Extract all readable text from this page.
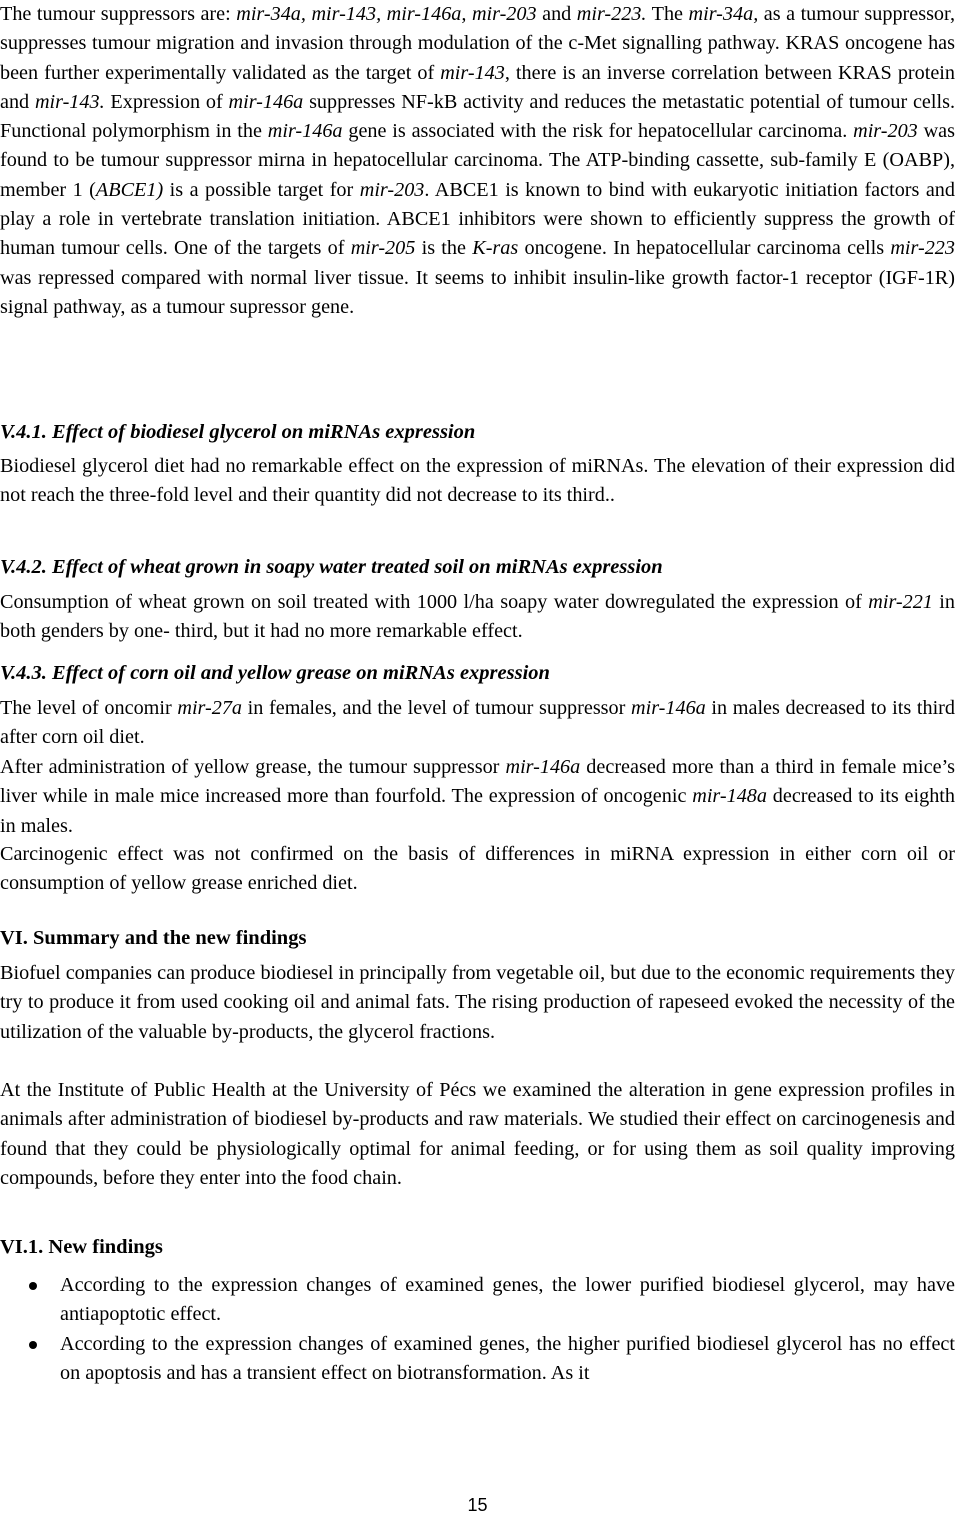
The tumour suppressors are: mir-34a, mir-143, mir-146a, mir-203 and mir-223. The mir-34a, as a tumour suppressor, suppresses tumour migration and invasion through modulation of the c-Met signalling pathway. KRAS oncogene has been further experimentally validated as the target of mir-143, there is an inverse correlation between KRAS protein and mir-143. Expression of mir-146a suppresses NF-kB activity and reduces the metastatic potential of tumour cells. Functional polymorphism in the mir-146a gene is associated with the risk for hepatocellular carcinoma. mir-203 was found to be tumour suppressor mirna in hepatocellular carcinoma. The ATP-binding cassette, sub-family E (OABP), member 1 (ABCE1) is a possible target for mir-203. ABCE1 is known to bind with eukaryotic initiation factors and play a role in vertebrate translation initiation. ABCE1 inhibitors were shown to efficiently suppress the growth of human tumour cells. One of the targets of mir-205 is the K-ras oncogene. In hepatocellular carcinoma cells mir-223 was repressed compared with normal liver tissue. It seems to inhibit insulin-like growth factor-1 receptor (IGF-1R) signal pathway, as a tumour supressor gene.

V.4.1. Effect of biodiesel glycerol on miRNAs expression

Biodiesel glycerol diet had no remarkable effect on the expression of miRNAs. The elevation of their expression did not reach the three-fold level and their quantity did not decrease to its third..

V.4.2. Effect of wheat grown in soapy water treated soil on miRNAs expression

Consumption of wheat grown on soil treated with 1000 l/ha soapy water dowregulated the expression of mir-221 in both genders by one- third, but it had no more remarkable effect.

V.4.3. Effect of corn oil and yellow grease on miRNAs expression

The level of oncomir mir-27a in females, and the level of tumour suppressor mir-146a in males decreased to its third after corn oil diet.

After administration of yellow grease, the tumour suppressor mir-146a decreased more than a third in female mice’s liver while in male mice increased more than fourfold. The expression of oncogenic mir-148a decreased to its eighth in males.

Carcinogenic effect was not confirmed on the basis of differences in miRNA expression in either corn oil or consumption of yellow grease enriched diet.

VI. Summary and the new findings

Biofuel companies can produce biodiesel in principally from vegetable oil, but due to the economic requirements they try to produce it from used cooking oil and animal fats. The rising production of rapeseed evoked the necessity of the utilization of the valuable by-products, the glycerol fractions.

At the Institute of Public Health at the University of Pécs we examined the alteration in gene expression profiles in animals after administration of biodiesel by-products and raw materials. We studied their effect on carcinogenesis and found that they could be physiologically optimal for animal feeding, or for using them as soil quality improving compounds, before they enter into the food chain.

VI.1. New findings
According to the expression changes of examined genes, the lower purified biodiesel glycerol, may have antiapoptotic effect.
According to the expression changes of examined genes, the higher purified biodiesel glycerol has no effect on apoptosis and has a transient effect on biotransformation. As it
15
